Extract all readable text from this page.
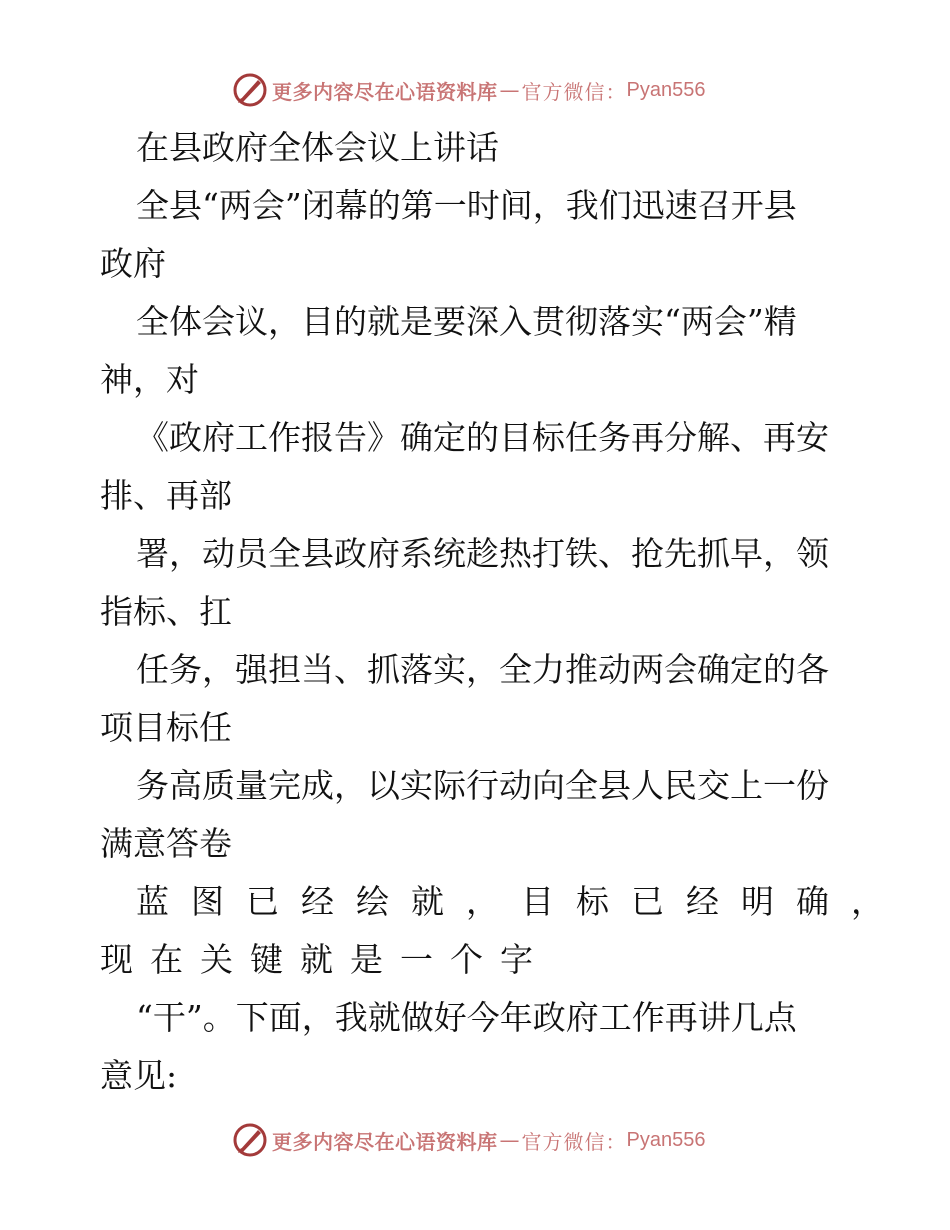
更多内容尽在心语资料库 — 官方微信： Pyan556
在县政府全体会议上讲话
全县“两会”闭幕的第一时间，我们迅速召开县
政府
全体会议，目的就是要深入贯彻落实“两会”精
神，对
《政府工作报告》确定的目标任务再分解、再安
排、再部
署，动员全县政府系统趁热打铁、抢先抓早，领
指标、扛
任务，强担当、抓落实，全力推动两会确定的各
项目标任
务高质量完成，以实际行动向全县人民交上一份
满意答卷
蓝图已经绘就，目标已经明确，
现在关键就是一个字
“干”。下面，我就做好今年政府工作再讲几点
意见:
更多内容尽在心语资料库 — 官方微信： Pyan556
